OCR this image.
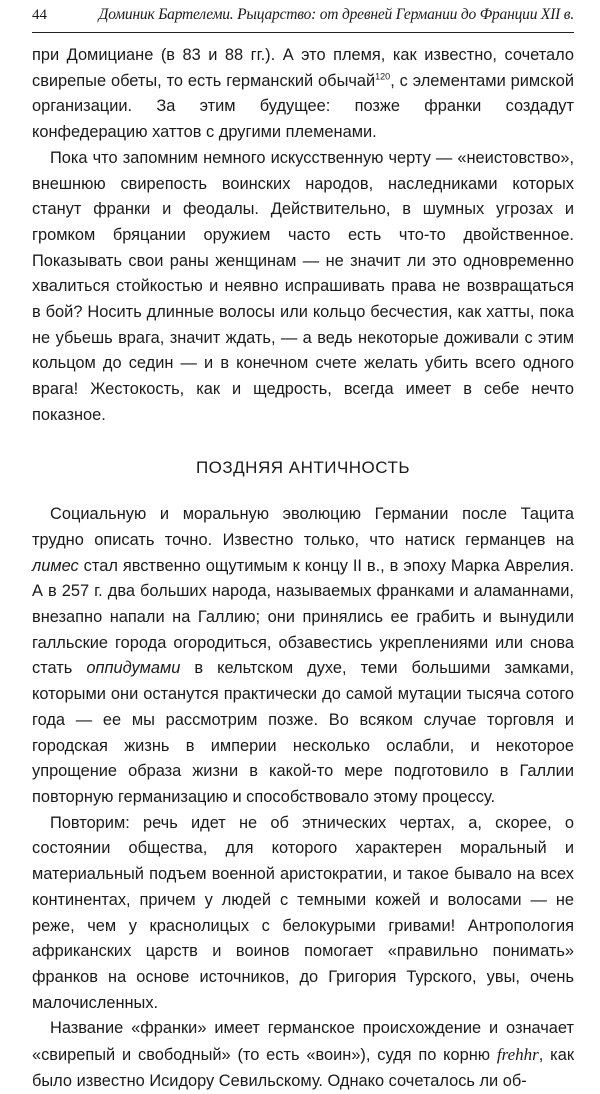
44	Доминик Бартелеми. Рыцарство: от древней Германии до Франции XII в.

при Домициане (в 83 и 88 гг.). А это племя, как известно, сочетало свирепые обеты, то есть германский обычай$^{120}$, с элементами римской организации. За этим будущее: позже франки создадут конфедерацию хаттов с другими племенами.

Пока что запомним немного искусственную черту — «неистовство», внешнюю свирепость воинских народов, наследниками которых станут франки и феодалы. Действительно, в шумных угрозах и громком бряцании оружием часто есть что-то двойственное. Показывать свои раны женщинам — не значит ли это одновременно хвалиться стойкостью и неявно испрашивать права не возвращаться в бой? Носить длинные волосы или кольцо бесчестия, как хатты, пока не убьешь врага, значит ждать, — а ведь некоторые доживали с этим кольцом до седин — и в конечном счете желать убить всего одного врага! Жестокость, как и щедрость, всегда имеет в себе нечто показное.

ПОЗДНЯЯ АНТИЧНОСТЬ

Социальную и моральную эволюцию Германии после Тацита трудно описать точно. Известно только, что натиск германцев на лимес стал явственно ощутимым к концу II в., в эпоху Марка Аврелия. А в 257 г. два больших народа, называемых франками и аламаннами, внезапно напали на Галлию; они принялись ее грабить и вынудили галльские города огородиться, обзавестись укреплениями или снова стать оппидумами в кельтском духе, теми большими замками, которыми они останутся практически до самой мутации тысяча сотого года — ее мы рассмотрим позже. Во всяком случае торговля и городская жизнь в империи несколько ослабли, и некоторое упрощение образа жизни в какой-то мере подготовило в Галлии повторную германизацию и способствовало этому процессу.

Повторим: речь идет не об этнических чертах, а, скорее, о состоянии общества, для которого характерен моральный и материальный подъем военной аристократии, и такое бывало на всех континентах, причем у людей с темными кожей и волосами — не реже, чем у краснолицых с белокурыми гривами! Антропология африканских царств и воинов помогает «правильно понимать» франков на основе источников, до Григория Турского, увы, очень малочисленных.

Название «франки» имеет германское происхождение и означает «свирепый и свободный» (то есть «воин»), судя по корню frehhr, как было известно Исидору Севильскому. Однако сочеталось ли об-
